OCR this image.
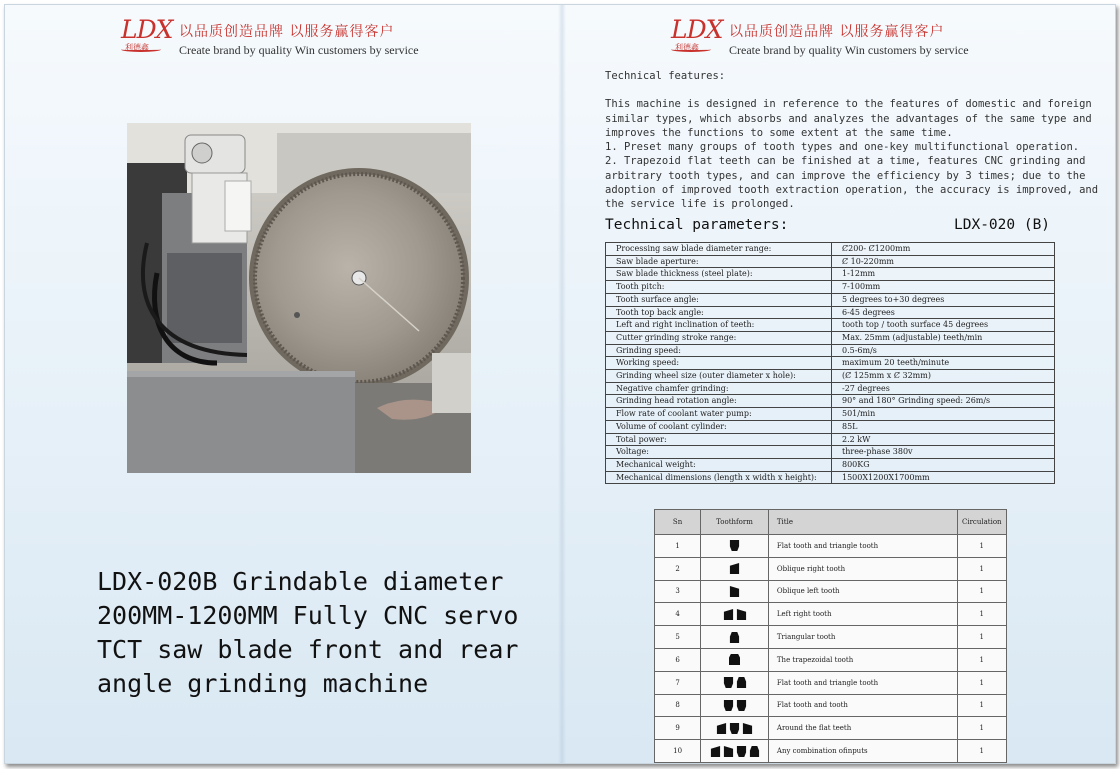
LDX
利德鑫
以品质创造品牌 以服务赢得客户
Create brand by quality Win customers by service
LDX
利德鑫
以品质创造品牌 以服务赢得客户
Create brand by quality Win customers by service
LDX-020B Grindable diameter
200MM-1200MM Fully CNC servo
TCT saw blade front and rear
angle grinding machine

Technical features:

This machine is designed in reference to the features of domestic and foreign similar types, which absorbs and analyzes the advantages of the same type and improves the functions to some extent at the same time.

1. Preset many groups of tooth types and one-key multifunctional operation.

2. Trapezoid flat teeth can be finished at a time, features CNC grinding and arbitrary tooth types, and can improve the efficiency by 3 times; due to the adoption of improved tooth extraction operation, the accuracy is improved, and the service life is prolonged.

Technical parameters:	LDX-020 (B)
Processing saw blade diameter range:	Ȼ200- Ȼ1200mm
Saw blade aperture:	Ȼ 10-220mm
Saw blade thickness (steel plate):	1-12mm
Tooth pitch:	7-100mm
Tooth surface angle:	5 degrees to+30 degrees
Tooth top back angle:	6-45 degrees
Left and right inclination of teeth:	tooth top / tooth surface 45 degrees
Cutter grinding stroke range:	Max. 25mm (adjustable) teeth/min
Grinding speed:	0.5-6m/s
Working speed:	maximum 20 teeth/minute
Grinding wheel size (outer diameter x hole):	(Ȼ 125mm x Ȼ 32mm)
Negative chamfer grinding:	-27 degrees
Grinding head rotation angle:	90° and 180° Grinding speed: 26m/s
Flow rate of coolant water pump:	501/min
Volume of coolant cylinder:	85L
Total power:	2.2 kW
Voltage:	three-phase 380v
Mechanical weight:	800KG
Mechanical dimensions (length x width x height):	1500X1200X1700mm
Sn	Toothform	Title	Circulation
1		Flat tooth and triangle tooth	1
2		Oblique right tooth	1
3		Oblique left tooth	1
4		Left right tooth	1
5		Triangular tooth	1
6		The trapezoidal tooth	1
7		Flat tooth and triangle tooth	1
8		Flat tooth and tooth	1
9		Around the flat teeth	1
10		Any combination ofinputs	1
